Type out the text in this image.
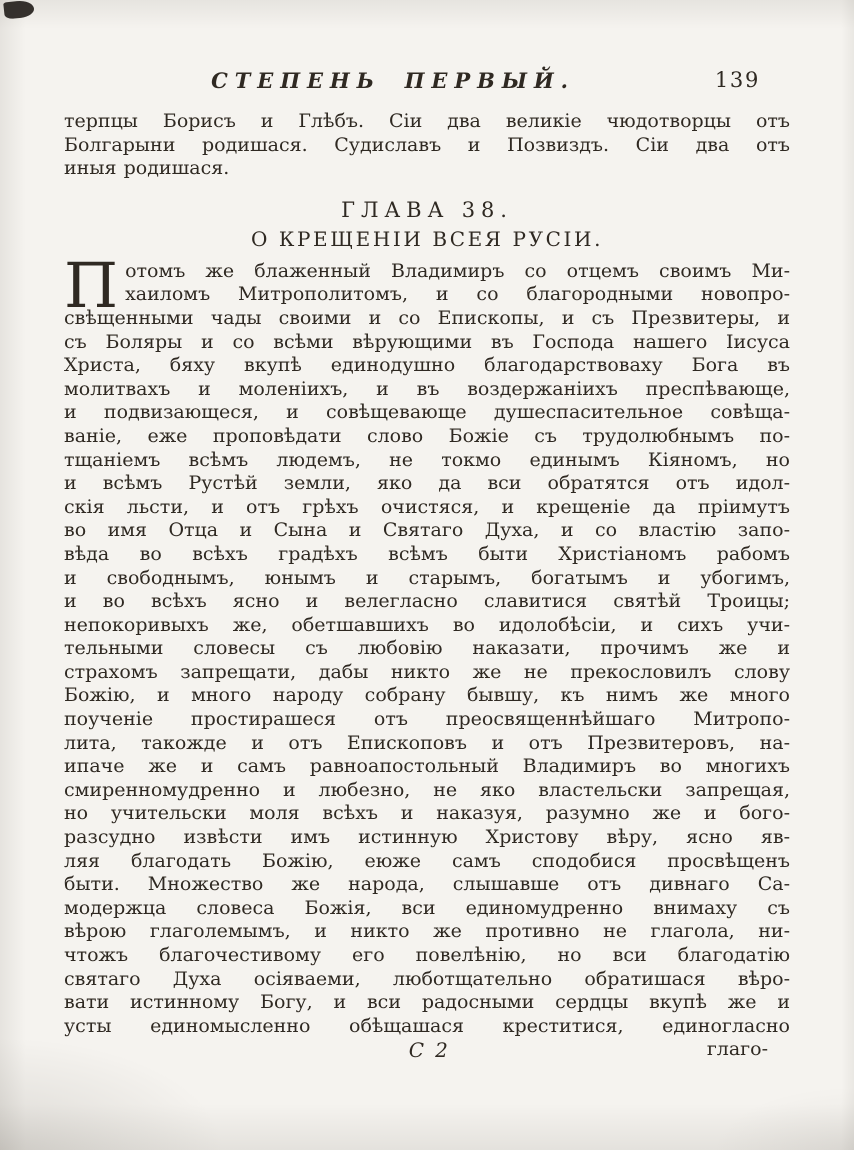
СТЕПЕНЬ ПЕРВЫЙ.	139
терпцы Борисъ и Глѣбъ. Сіи два великіе чюдотворцы отъ
Болгарыни родишася. Судиславъ и Позвиздъ. Сіи два отъ
иныя родишася.
ГЛАВА 38.
О КРЕЩЕНІИ ВСЕЯ РУСІИ.
П отомъ же блаженный Владимиръ со отцемъ своимъ Ми-
хаиломъ Митрополитомъ, и со благородными новопро-
свѣщенными чады своими и со Епископы, и съ Презвитеры, и
съ Боляры и со всѣми вѣрующими въ Господа нашего Іисуса
Христа, бяху вкупѣ единодушно благодарствоваху Бога въ
молитвахъ и моленіихъ, и въ воздержаніихъ преспѣвающе,
и подвизающеся, и совѣщевающе душеспасительное совѣща-
ваніе, еже проповѣдати слово Божіе съ трудолюбнымъ по-
тщаніемъ всѣмъ людемъ, не токмо единымъ Кіяномъ, но
и всѣмъ Рустѣй земли, яко да вси обратятся отъ идол-
скія льсти, и отъ грѣхъ очистяся, и крещеніе да пріимутъ
во имя Отца и Сына и Святаго Духа, и со властію запо-
вѣда во всѣхъ градѣхъ всѣмъ быти Христіаномъ рабомъ
и свободнымъ, юнымъ и старымъ, богатымъ и убогимъ,
и во всѣхъ ясно и велегласно славитися святѣй Троицы;
непокоривыхъ же, обетшавшихъ во идолобѣсіи, и сихъ учи-
тельными словесы съ любовію наказати, прочимъ же и
страхомъ запрещати, дабы никто же не прекословилъ слову
Божію, и много народу собрану бывшу, къ нимъ же много
поученіе простирашеся отъ преосвященнѣйшаго Митропо-
лита, такожде и отъ Епископовъ и отъ Презвитеровъ, на-
ипаче же и самъ равноапостольный Владимиръ во многихъ
смиренномудренно и любезно, не яко властельски запрещая,
но учительски моля всѣхъ и наказуя, разумно же и бого-
разсудно извѣсти имъ истинную Христову вѣру, ясно яв-
ляя благодать Божію, еюже самъ сподобися просвѣщенъ
быти. Множество же народа, слышавше отъ дивнаго Са-
модержца словеса Божія, вси единомудренно внимаху съ
вѣрою глаголемымъ, и никто же противно не глагола, ни-
чтожъ благочестивому его повелѣнію, но вси благодатію
святаго Духа осіяваеми, люботщательно обратишася вѣро-
вати истинному Богу, и вси радосными сердцы вкупѣ же и
усты единомысленно обѣщашася креститися, единогласно
С 2	глаго-
